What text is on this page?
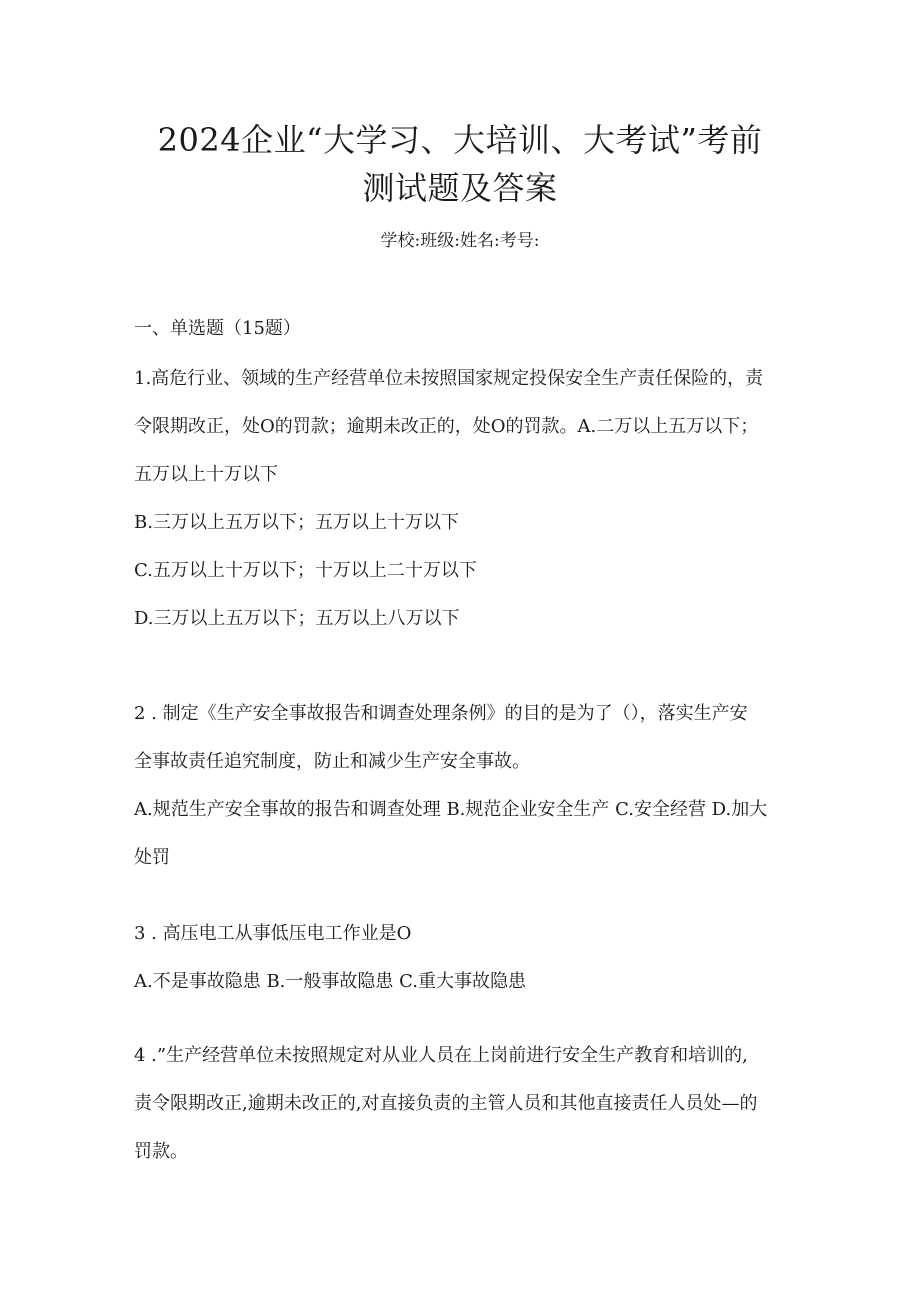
2024企业“大学习、大培训、大考试”考前
测试题及答案
学校:班级:姓名:考号:
一、单选题（15题）
1.高危行业、领域的生产经营单位未按照国家规定投保安全生产责任保险的，责
令限期改正，处O的罚款；逾期未改正的，处O的罚款。A.二万以上五万以下；
五万以上十万以下
B.三万以上五万以下；五万以上十万以下
C.五万以上十万以下；十万以上二十万以下
D.三万以上五万以下；五万以上八万以下
2 . 制定《生产安全事故报告和调查处理条例》的目的是为了（），落实生产安
全事故责任追究制度，防止和减少生产安全事故。
A.规范生产安全事故的报告和调查处理 B.规范企业安全生产 C.安全经营 D.加大
处罚
3 . 高压电工从事低压电工作业是O
A.不是事故隐患 B.一般事故隐患 C.重大事故隐患
4 .”生产经营单位未按照规定对从业人员在上岗前进行安全生产教育和培训的,
责令限期改正,逾期未改正的,对直接负责的主管人员和其他直接责任人员处—的
罚款。
